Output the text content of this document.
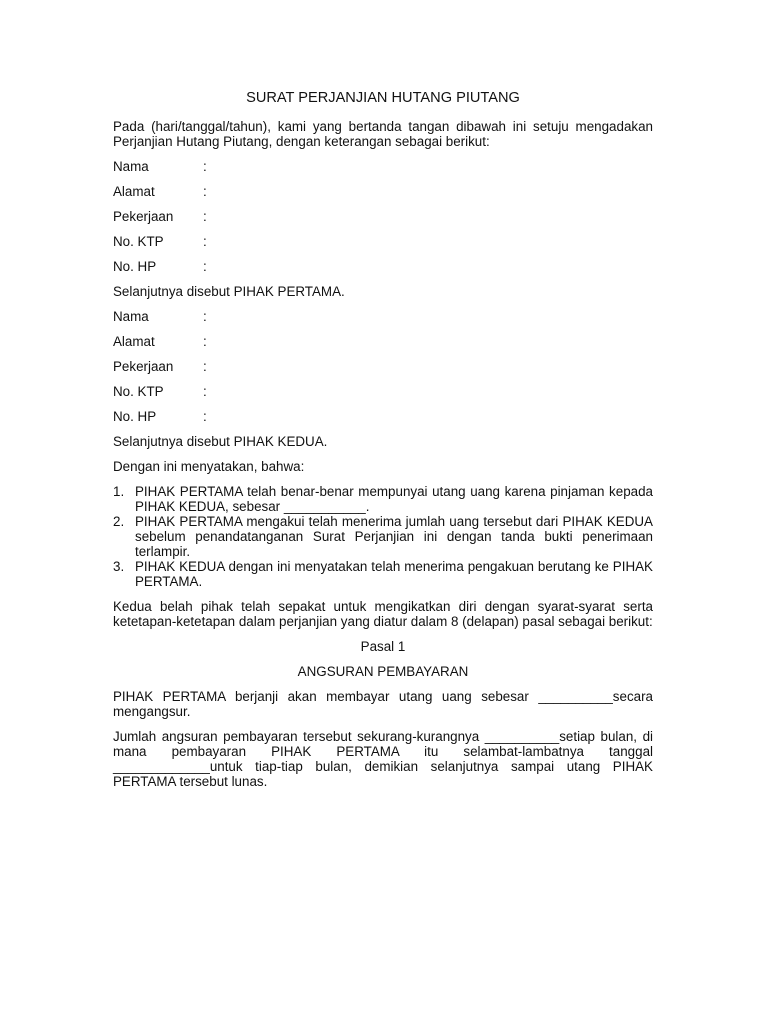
SURAT PERJANJIAN HUTANG PIUTANG

Pada (hari/tanggal/tahun), kami yang bertanda tangan dibawah ini setuju mengadakan Perjanjian Hutang Piutang, dengan keterangan sebagai berikut:

Nama	:
Alamat	:
Pekerjaan	:
No. KTP	:
No. HP	:

Selanjutnya disebut PIHAK PERTAMA.

Nama	:
Alamat	:
Pekerjaan	:
No. KTP	:
No. HP	:

Selanjutnya disebut PIHAK KEDUA.

Dengan ini menyatakan, bahwa:

1. PIHAK PERTAMA telah benar-benar mempunyai utang uang karena pinjaman kepada PIHAK KEDUA, sebesar ___________.
2. PIHAK PERTAMA mengakui telah menerima jumlah uang tersebut dari PIHAK KEDUA sebelum penandatanganan Surat Perjanjian ini dengan tanda bukti penerimaan terlampir.
3. PIHAK KEDUA dengan ini menyatakan telah menerima pengakuan berutang ke PIHAK PERTAMA.

Kedua belah pihak telah sepakat untuk mengikatkan diri dengan syarat-syarat serta ketetapan-ketetapan dalam perjanjian yang diatur dalam 8 (delapan) pasal sebagai berikut:

Pasal 1

ANGSURAN PEMBAYARAN

PIHAK PERTAMA berjanji akan membayar utang uang sebesar __________secara mengangsur.

Jumlah angsuran pembayaran tersebut sekurang-kurangnya __________setiap bulan, di mana pembayaran PIHAK PERTAMA itu selambat-lambatnya tanggal _____________untuk tiap-tiap bulan, demikian selanjutnya sampai utang PIHAK PERTAMA tersebut lunas.
